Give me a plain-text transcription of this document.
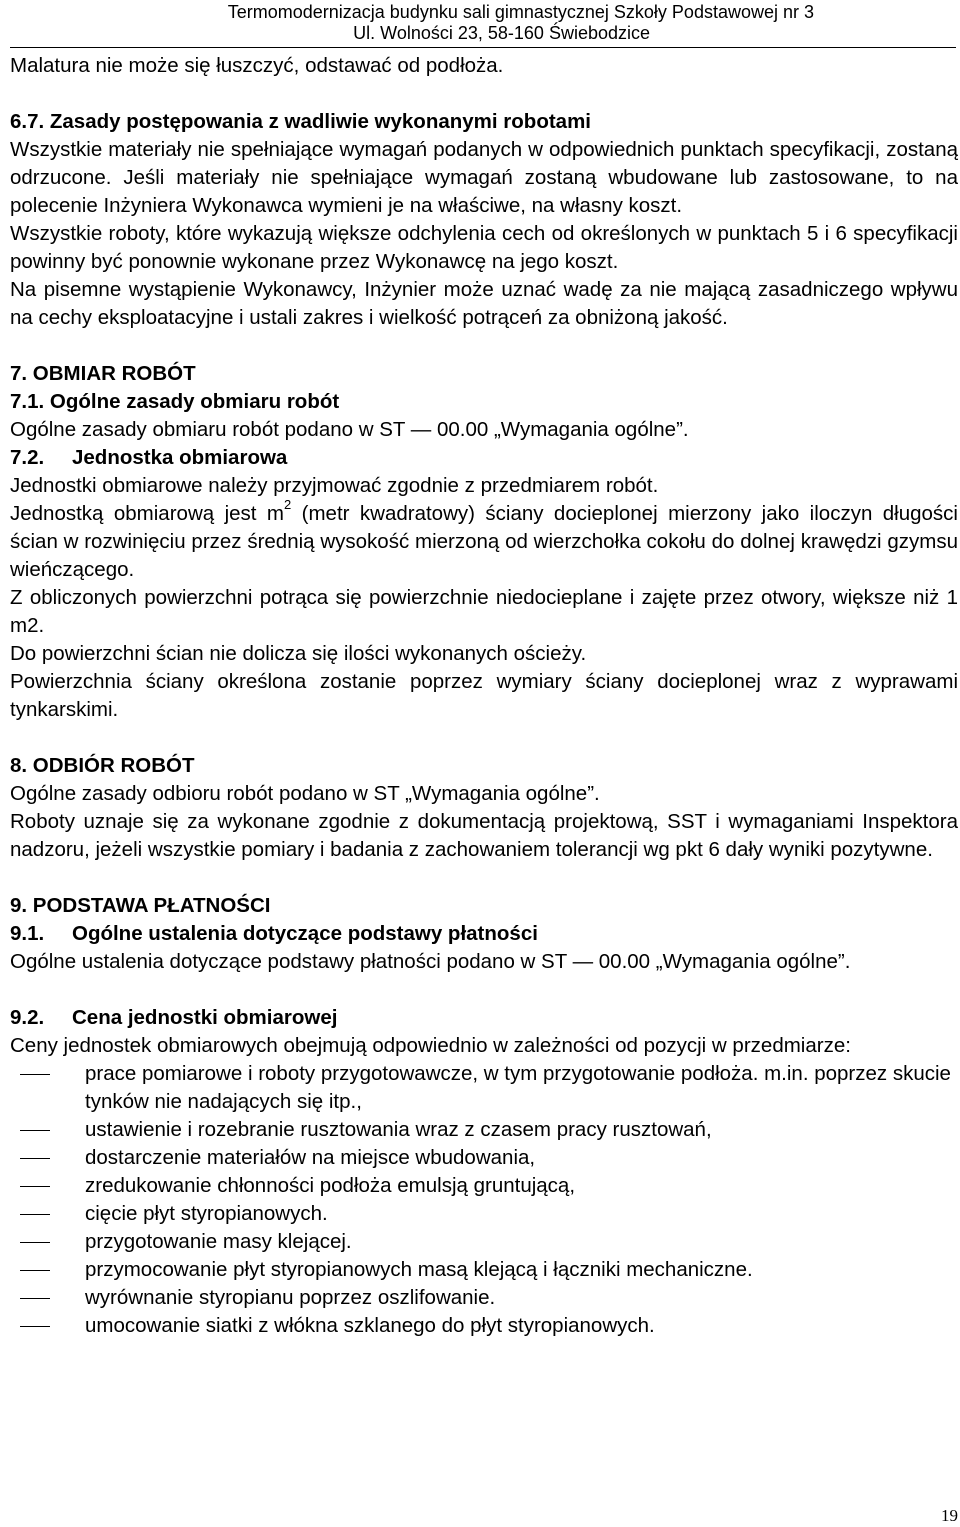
Termomodernizacja budynku sali gimnastycznej Szkoły Podstawowej nr 3
Ul. Wolności 23, 58-160 Świebodzice

Malatura nie może się łuszczyć, odstawać od podłoża.

6.7. Zasady postępowania z wadliwie wykonanymi robotami

Wszystkie materiały nie spełniające wymagań podanych w odpowiednich punktach specyfikacji, zostaną odrzucone. Jeśli materiały nie spełniające wymagań zostaną wbudowane lub zastosowane, to na polecenie Inżyniera Wykonawca wymieni je na właściwe, na własny koszt.

Wszystkie roboty, które wykazują większe odchylenia cech od określonych w punktach 5 i 6 specyfikacji powinny być ponownie wykonane przez Wykonawcę na jego koszt.

Na pisemne wystąpienie Wykonawcy, Inżynier może uznać wadę za nie mającą zasadniczego wpływu na cechy eksploatacyjne i ustali zakres i wielkość potrąceń za obniżoną jakość.

7. OBMIAR ROBÓT

7.1. Ogólne zasady obmiaru robót

Ogólne zasady obmiaru robót podano w ST — 00.00 „Wymagania ogólne”.

7.2. Jednostka obmiarowa

Jednostki obmiarowe należy przyjmować zgodnie z przedmiarem robót.

Jednostką obmiarową jest $m^2$ (metr kwadratowy) ściany docieplonej mierzony jako iloczyn długości ścian w rozwinięciu przez średnią wysokość mierzoną od wierzchołka cokołu do dolnej krawędzi gzymsu wieńczącego.

Z obliczonych powierzchni potrąca się powierzchnie niedocieplane i zajęte przez otwory, większe niż 1 m2.

Do powierzchni ścian nie dolicza się ilości wykonanych ościeży.

Powierzchnia ściany określona zostanie poprzez wymiary ściany docieplonej wraz z wyprawami tynkarskimi.

8. ODBIÓR ROBÓT

Ogólne zasady odbioru robót podano w ST „Wymagania ogólne”.

Roboty uznaje się za wykonane zgodnie z dokumentacją projektową, SST i wymaganiami Inspektora nadzoru, jeżeli wszystkie pomiary i badania z zachowaniem tolerancji wg pkt 6 dały wyniki pozytywne.

9. PODSTAWA PŁATNOŚCI

9.1. Ogólne ustalenia dotyczące podstawy płatności

Ogólne ustalenia dotyczące podstawy płatności podano w ST — 00.00 „Wymagania ogólne”.

9.2. Cena jednostki obmiarowej

Ceny jednostek obmiarowych obejmują odpowiednio w zależności od pozycji w przedmiarze:

prace pomiarowe i roboty przygotowawcze, w tym przygotowanie podłoża. m.in. poprzez skucie tynków nie nadających się itp.,
ustawienie i rozebranie rusztowania wraz z czasem pracy rusztowań,
dostarczenie materiałów na miejsce wbudowania,
zredukowanie chłonności podłoża emulsją gruntującą,
cięcie płyt styropianowych.
przygotowanie masy klejącej.
przymocowanie płyt styropianowych masą klejącą i łączniki mechaniczne.
wyrównanie styropianu poprzez oszlifowanie.
umocowanie siatki z włókna szklanego do płyt styropianowych.
19
